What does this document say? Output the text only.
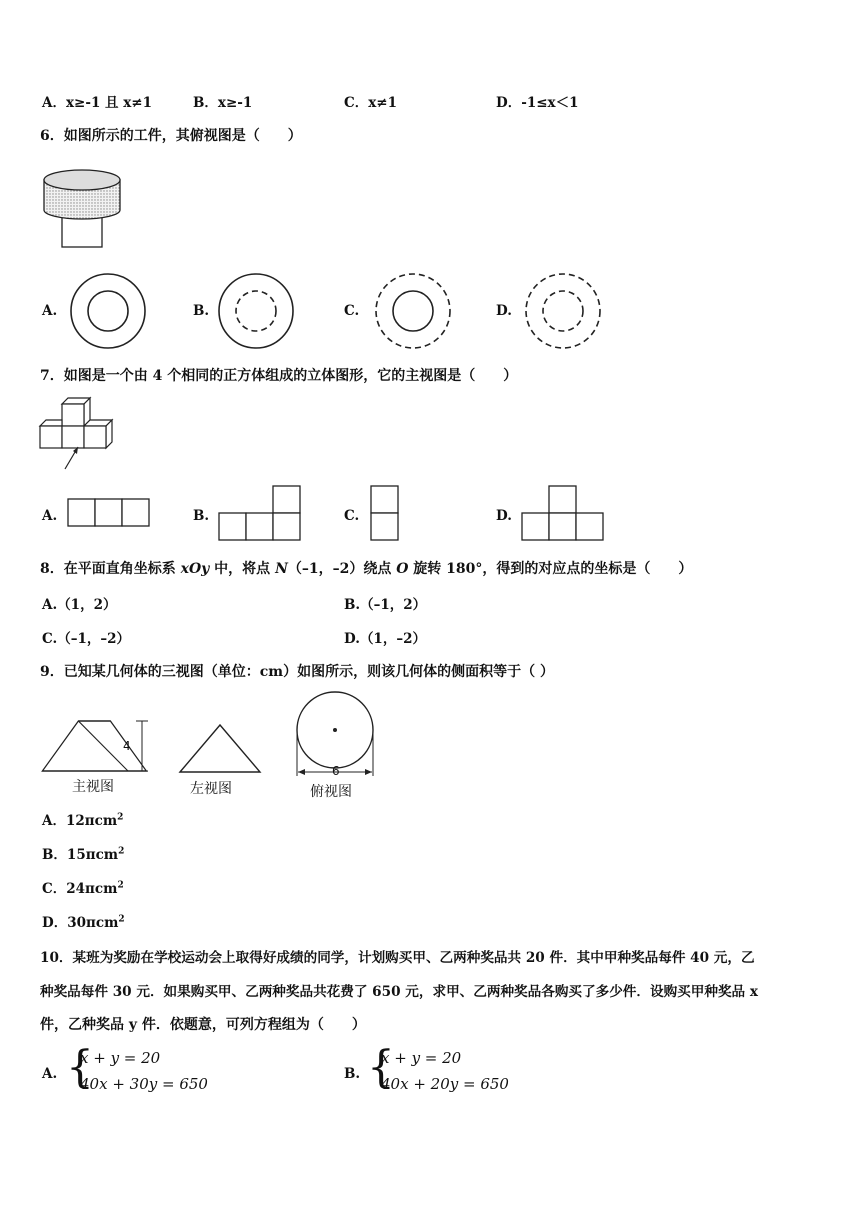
A．x≥-1 且 x≠1	B．x≥-1	C．x≠1	D．-1≤x＜1
6．如图所示的工件，其俯视图是（　　）
A.	B.	C.	D.
7．如图是一个由 4 个相同的正方体组成的立体图形，它的主视图是（　　）
A.	B.	C.	D.
8．在平面直角坐标系 xOy 中，将点 N（–1，–2）绕点 O 旋转 180°，得到的对应点的坐标是（　　）
A.（1，2）	B.（–1，2）
C.（–1，–2）	D.（1，–2）
9．已知某几何体的三视图（单位：cm）如图所示，则该几何体的侧面积等于（ ）
4
主视图	左视图
6
俯视图
A．12πcm$^2$
B．15πcm$^2$
C．24πcm$^2$
D．30πcm$^2$
10．某班为奖励在学校运动会上取得好成绩的同学，计划购买甲、乙两种奖品共 20 件．其中甲种奖品每件 40 元，乙
种奖品每件 30 元．如果购买甲、乙两种奖品共花费了 650 元，求甲、乙两种奖品各购买了多少件．设购买甲种奖品 x
件，乙种奖品 y 件．依题意，可列方程组为（　　）
A. {
x + y = 20
40x + 30y = 650
B. {
x + y = 20
40x + 20y = 650
